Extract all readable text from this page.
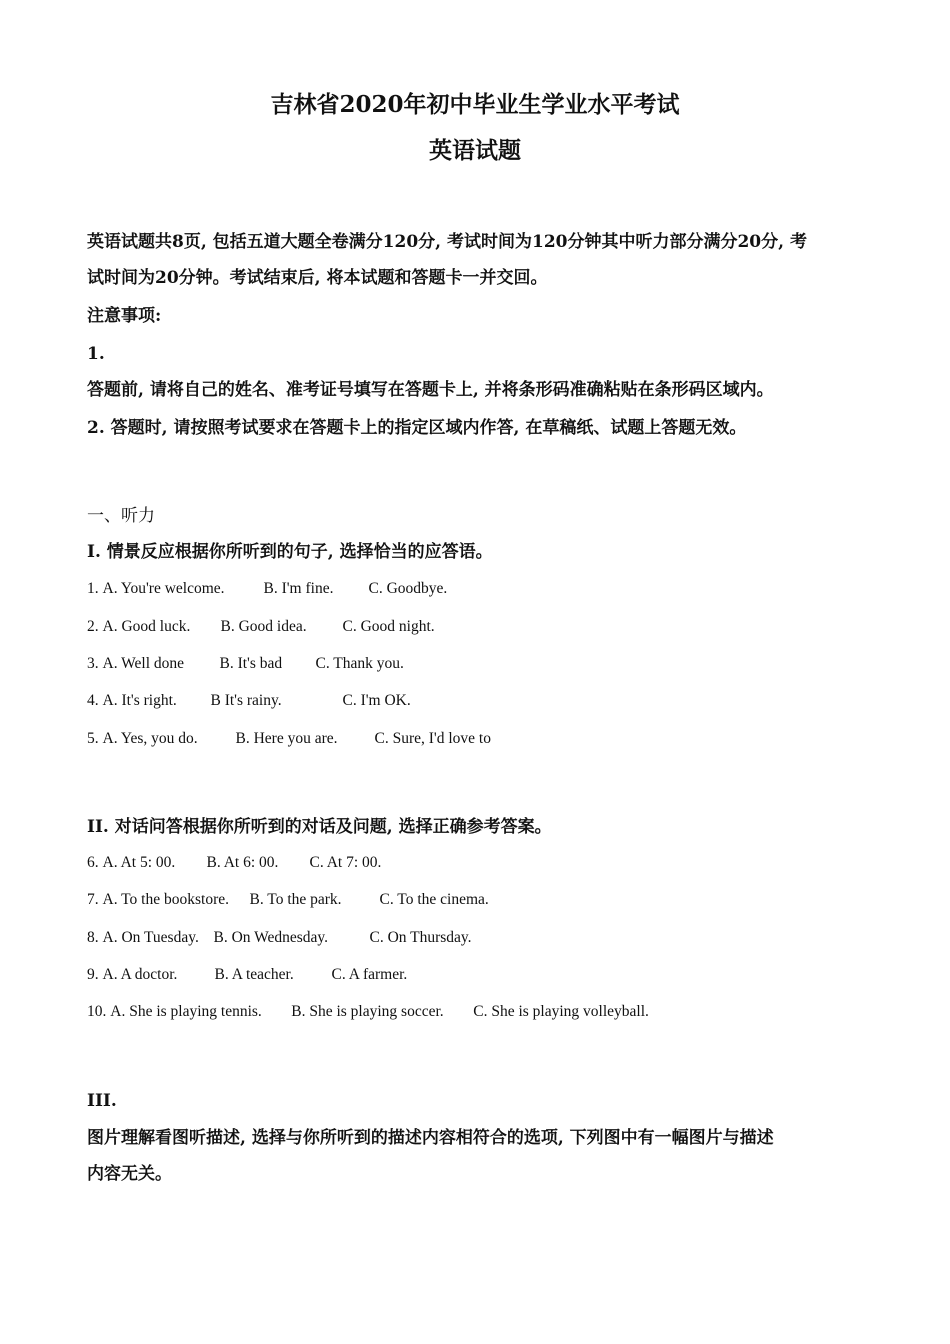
吉林省2020年初中毕业生学业水平考试
英语试题
英语试题共8页, 包括五道大题全卷满分120分, 考试时间为120分钟其中听力部分满分20分, 考
试时间为20分钟。考试结束后, 将本试题和答题卡一并交回。
注意事项:
1.
答题前, 请将自己的姓名、准考证号填写在答题卡上, 并将条形码准确粘贴在条形码区域内。
2. 答题时, 请按照考试要求在答题卡上的指定区域内作答, 在草稿纸、试题上答题无效。
一、听力
I. 情景反应根据你所听到的句子, 选择恰当的应答语。
1. A. You're welcome.	B. I'm fine. C. Goodbye.
2. A. Good luck. B. Good idea. C. Good night.
3. A. Well done B. It's bad C. Thank you.
4. A. It's right. B It's rainy.	C. I'm OK.
5. A. Yes, you do. B. Here you are. C. Sure, I'd love to
II. 对话问答根据你所听到的对话及问题, 选择正确参考答案。
6. A. At 5: 00. B. At 6: 00. C. At 7: 00.
7. A. To the bookstore. B. To the park. C. To the cinema.
8. A. On Tuesday. B. On Wednesday.	C. On Thursday.
9. A. A doctor. B. A teacher. C. A farmer.
10. A. She is playing tennis. B. She is playing soccer. C. She is playing volleyball.
III.
图片理解看图听描述, 选择与你所听到的描述内容相符合的选项, 下列图中有一幅图片与描述
内容无关。
